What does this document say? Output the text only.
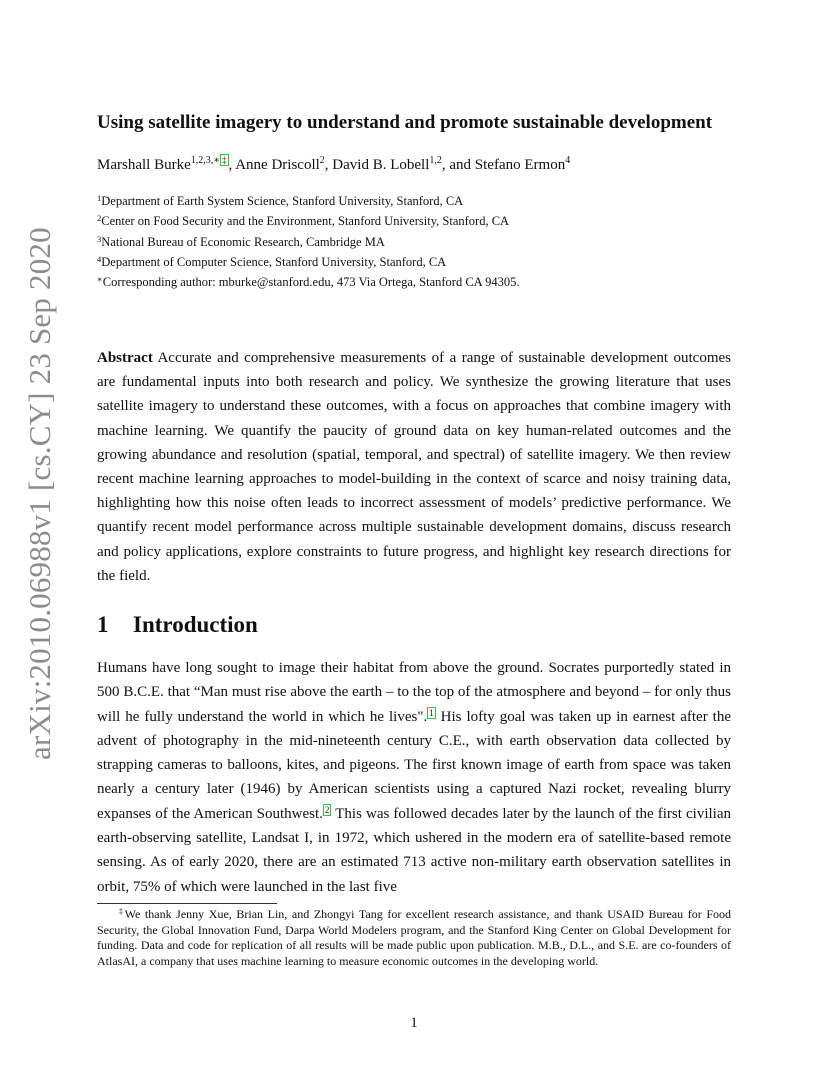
arXiv:2010.06988v1 [cs.CY] 23 Sep 2020
Using satellite imagery to understand and promote sustainable development
Marshall Burke$^{1,2,3,∗}$ ‡ , Anne Driscoll$^2$, David B. Lobell$^{1,2}$, and Stefano Ermon$^4$
$^1$Department of Earth System Science, Stanford University, Stanford, CA
$^2$Center on Food Security and the Environment, Stanford University, Stanford, CA
$^3$National Bureau of Economic Research, Cambridge MA
$^4$Department of Computer Science, Stanford University, Stanford, CA
∗Corresponding author: mburke@stanford.edu, 473 Via Ortega, Stanford CA 94305.
Abstract Accurate and comprehensive measurements of a range of sustainable development outcomes are fundamental inputs into both research and policy. We synthesize the growing literature that uses satellite imagery to understand these outcomes, with a focus on approaches that combine imagery with machine learning. We quantify the paucity of ground data on key human-related outcomes and the growing abundance and resolution (spatial, temporal, and spectral) of satellite imagery. We then review recent machine learning approaches to model-building in the context of scarce and noisy training data, highlighting how this noise often leads to incorrect assessment of models’ predictive performance. We quantify recent model performance across multiple sustainable development domains, discuss research and policy applications, explore constraints to future progress, and highlight key research directions for the field.
1 Introduction
Humans have long sought to image their habitat from above the ground. Socrates purportedly stated in 500 B.C.E. that “Man must rise above the earth – to the top of the atmosphere and beyond – for only thus will he fully understand the world in which he lives". 1 His lofty goal was taken up in earnest after the advent of photography in the mid-nineteenth century C.E., with earth observation data collected by strapping cameras to balloons, kites, and pigeons. The first known image of earth from space was taken nearly a century later (1946) by American scientists using a captured Nazi rocket, revealing blurry expanses of the American Southwest. 2 This was followed decades later by the launch of the first civilian earth-observing satellite, Landsat I, in 1972, which ushered in the modern era of satellite-based remote sensing. As of early 2020, there are an estimated 713 active non-military earth observation satellites in orbit, 75% of which were launched in the last five
‡We thank Jenny Xue, Brian Lin, and Zhongyi Tang for excellent research assistance, and thank USAID Bureau for Food Security, the Global Innovation Fund, Darpa World Modelers program, and the Stanford King Center on Global Development for funding. Data and code for replication of all results will be made public upon publication. M.B., D.L., and S.E. are co-founders of AtlasAI, a company that uses machine learning to measure economic outcomes in the developing world.
1
